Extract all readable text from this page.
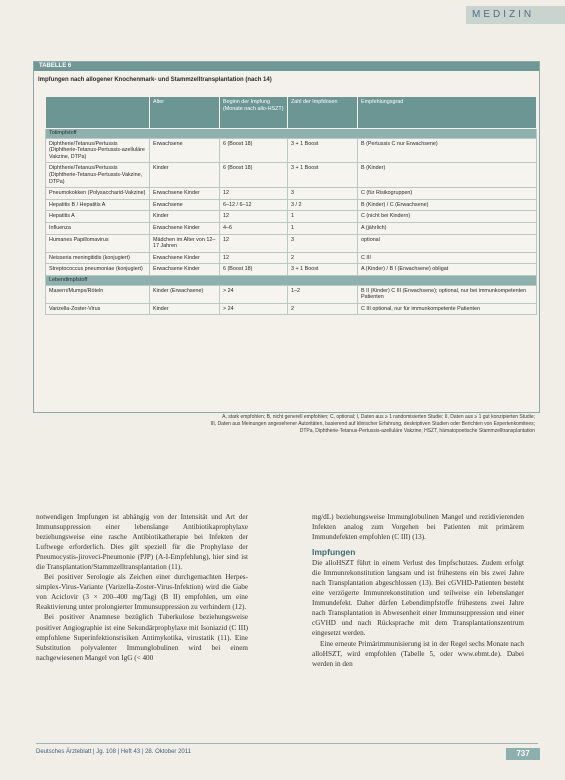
MEDIZIN
TABELLE 6
Impfungen nach allogener Knochenmark- und Stammzelltransplantation (nach 14)
	Alter	Beginn der Impfung (Monate nach allo-HSZT)	Zahl der Impfdosen	Empfehlungsgrad
Totimpfstoff				
Diphtherie/Tetanus/Pertussis (Diphtherie-Tetanus-Pertussis-azelluläre Vakzine, DTPa)	Erwachsene	6 (Boost 18)	3 + 1 Boost	B (Pertussis C nur Erwachsene)
Diphtherie/Tetanus/Pertussis (Diphtherie-Tetanus-Pertussis-Vakzine, DTPa)	Kinder	6 (Boost 18)	3 + 1 Boost	B (Kinder)
Pneumokokken (Polysaccharid-Vakzine)	Erwachsene Kinder	12	3	C (für Risikogruppen)
Hepatitis B / Hepatitis A	Erwachsene	6–12 / 6–12	3 / 2	B (Kinder) / C (Erwachsene)
Hepatitis A	Kinder	12	1	C (nicht bei Kindern)
Influenza	Erwachsene Kinder	4–6	1	A (jährlich)
Humanes Papillomavirus	Mädchen im Alter von 12–17 Jahren	12	3	optional
Neisseria meningitidis (konjugiert)	Erwachsene Kinder	12	2	C III
Streptococcus pneumoniae (konjugiert)	Erwachsene Kinder	6 (Boost 18)	3 + 1 Boost	A (Kinder) / B I (Erwachsene) obligat
Lebendimpfstoff				
Masern/Mumps/Röteln	Kinder (Erwachsene)	> 24	1–2	B II (Kinder) C III (Erwachsene); optional, nur bei immunkompetenten Patienten
Varizella-Zoster-Virus	Kinder	> 24	2	C III optional, nur für immunkompetente Patienten
A, stark empfohlen; B, nicht generell empfohlen; C, optional; I, Daten aus ≥ 1 randomisierten Studie; II, Daten aus ≥ 1 gut konzipierten Studie;
III, Daten aus Meinungen angesehener Autoritäten, basierend auf klinischer Erfahrung, deskriptiven Studien oder Berichten von Expertenkomitees;
DTPa, Diphtherie-Tetanus-Pertussis-azelluläre Vakzine; HSZT, hämatopoetische Stammzelltransplantation

notwendigen Impfungen ist abhängig von der Intensität und Art der Immunsuppression einer lebenslange Antibiotikaprophylaxe beziehungsweise eine rasche Antibiotikatherapie bei Infekten der Luftwege erforderlich. Dies gilt speziell für die Prophylaxe der Pneumocystis-jiroveci-Pneumonie (PJP) (A-I-Empfehlung), hier sind ist die Transplantation/Stammzelltransplantation (11).

Bei positiver Serologie als Zeichen einer durchgemachten Herpes-simplex-Virus-Variante (Varizella-Zoster-Virus-Infektion) wird die Gabe von Aciclovir (3 × 200–400 mg/Tag) (B II) empfohlen, um eine Reaktivierung unter prolongierter Immunsuppression zu verhindern (12).

Bei positiver Anamnese bezüglich Tuberkulose beziehungsweise positiver Angiographie ist eine Sekundärprophylaxe mit Isoniazid (C III) empfohlene Superinfektionsrisiken Antimykotika, virustatik (11). Eine Substitution polyvalenter Immunglobulinen wird bei einem nachgewiesenen Mangel von IgG (< 400

mg/dL) beziehungsweise Immunglobulinen Mangel und rezidivierenden Infekten analog zum Vorgehen bei Patienten mit primärem Immundefekten empfohlen (C III) (13).

Impfungen

Die alloHSZT führt in einem Verlust des Impfschutzes. Zudem erfolgt die Immunrekonstitution langsam und ist frühestens ein bis zwei Jahre nach Transplantation abgeschlossen (13). Bei cGVHD-Patienten besteht eine verzögerte Immunrekonstitution und teilweise ein lebenslanger Immundefekt. Daher dürfen Lebendimpfstoffe frühestens zwei Jahre nach Transplantation in Abwesenheit einer Immunsuppression und einer cGVHD und nach Rücksprache mit dem Transplantationszentrum eingesetzt werden.

Eine erneute Primärimmunisierung ist in der Regel sechs Monate nach alloHSZT, wird empfohlen (Tabelle 5, oder www.ebmt.de). Dabei werden in den

Deutsches Ärzteblatt | Jg. 108 | Heft 43 | 28. Oktober 2011	737
